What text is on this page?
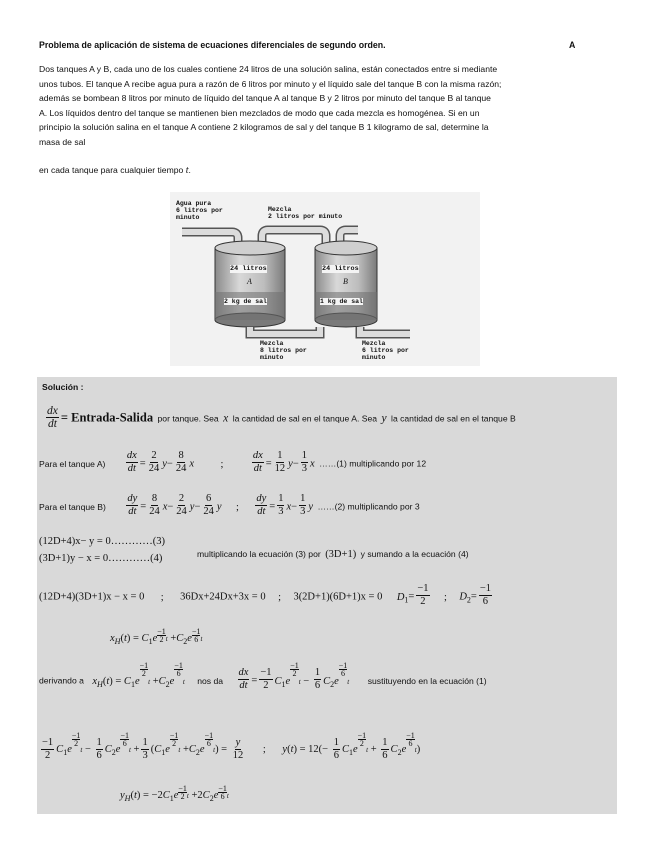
Problema de aplicación de sistema de ecuaciones diferenciales de segundo orden.	A
Dos tanques A y B, cada uno de los cuales contiene 24 litros de una solución salina, están conectados entre si mediante
unos tubos. El tanque A recibe agua pura a razón de 6 litros por minuto y el líquido sale del tanque B con la misma razón;
además se bombean 8 litros por minuto de líquido del tanque A al tanque B y 2 litros por minuto del tanque B al tanque
A. Los líquidos dentro del tanque se mantienen bien mezclados de modo que cada mezcla es homogénea. Si en un
principio la solución salina en el tanque A contiene 2 kilogramos de sal y del tanque B 1 kilogramo de sal, determine la
masa de sal
en cada tanque para cualquier tiempo t.
Agua pura
6 litros por
minuto
Mezcla
2 litros por minuto
24 litros
A
2 kg de sal
24 litros
B
1 kg de sal
Mezcla
8 litros por
minuto
Mezcla
6 litros por
minuto
Solución :
$\frac{dx}{dt}$ = Entrada-Salida por tanque. Sea x la cantidad de sal en el tanque A. Sea y la cantidad de sal en el tanque B
Para el tanque $A) \frac{dx}{dt} = \frac{2}{24} y- \frac{8}{24}$ x	;	$\frac{dx}{dt} = \frac{1}{12} y- \frac{1}{3}$ x ……(1) multiplicando por 12
Para el tanque $B) \frac{dy}{dt} = \frac{8}{24} x- \frac{2}{24} y- \frac{6}{24}$ y ; $\frac{dy}{dt} = \frac{1}{3} x- \frac{1}{3}$ y ……(2) multiplicando por 3
(12D+4)x− y = 0…………(3)
(3D+1)y − x = 0…………(4)	multiplicando la ecuación (3) por (3D+1) y sumando a la ecuación (4)
(12D+4)(3D+1)x − x = 0 ; 36Dx+24Dx+3x = 0 ; 3(2D+1)(6D+1)x = 0 $D_1= \frac{-1}{2}$ ; $D_2= \frac{-1}{6}$
$x_H(t) = C_1e$ $^{\frac{-1}{2}}$ $t +C_2e$ $^{\frac{-1}{6}}$ t
derivando a $x_H(t) = C_1e$
$^{\frac{-1}{2}}$
$t +C_2e$
$^{\frac{-1}{6}}$
t nos da $\frac{dx}{dt} = \frac{-1}{2} C_1e$
$^{\frac{-1}{2}}$
$t - \frac{1}{6} C_2e$
$^{\frac{-1}{6}}$
t sustituyendo en la ecuación (1)
$\frac{-1}{2} C_1e$
$^{\frac{-1}{2}}$
$t - \frac{1}{6} C_2e$
$^{\frac{-1}{6}}$
$t + \frac{1}{3} (C_1e$
$^{\frac{-1}{2}}$
$t +C_2e$
$^{\frac{-1}{6}}$
$t) = \frac{y}{12}$ ; $y(t) = 12(- \frac{1}{6} C_1e$
$^{\frac{-1}{2}}$
$t + \frac{1}{6} C_2e$
$^{\frac{-1}{6}}$
t)
$y_H(t) = -2C_1e$ $^{\frac{-1}{2}}$ $t +2C_2e$ $^{\frac{-1}{6}}$ t
